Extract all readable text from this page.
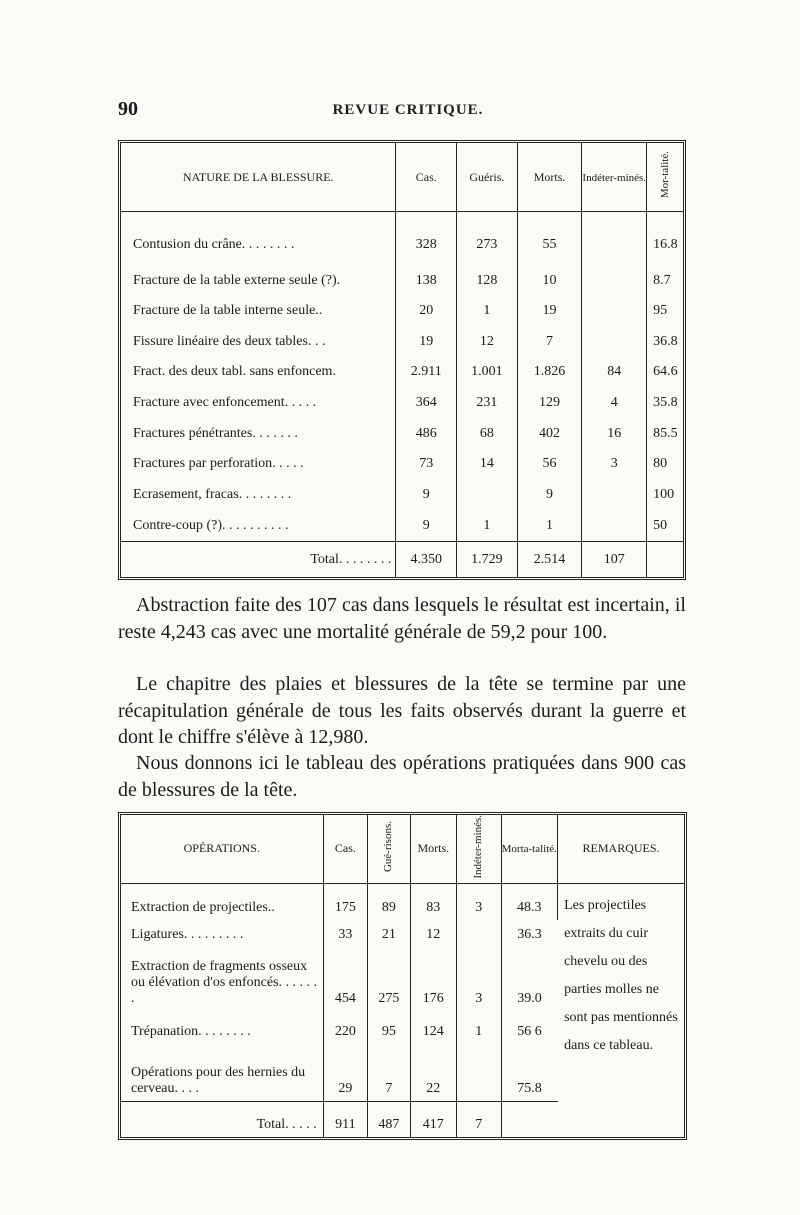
90	REVUE CRITIQUE.
NATURE DE LA BLESSURE.	Cas.	Guéris.	Morts.	Indéter-minés.	Mor-talité.
Contusion du crâne. . . . . . . .	328	273	55		16.8
Fracture de la table externe seule (?).	138	128	10		8.7
Fracture de la table interne seule..	20	1	19		95
Fissure linéaire des deux tables. . .	19	12	7		36.8
Fract. des deux tabl. sans enfoncem.	2.911	1.001	1.826	84	64.6
Fracture avec enfoncement. . . . .	364	231	129	4	35.8
Fractures pénétrantes. . . . . . .	486	68	402	16	85.5
Fractures par perforation. . . . .	73	14	56	3	80
Ecrasement, fracas. . . . . . . .	9		9		100
Contre-coup (?). . . . . . . . . .	9	1	1		50
Total. . . . . . . .	4.350	1.729	2.514	107	
Abstraction faite des 107 cas dans lesquels le résultat est incertain, il reste 4,243 cas avec une mortalité générale de 59,2 pour 100.
Le chapitre des plaies et blessures de la tête se termine par une récapitulation générale de tous les faits observés durant la guerre et dont le chiffre s'élève à 12,980.
Nous donnons ici le tableau des opérations pratiquées dans 900 cas de blessures de la tête.
OPÉRATIONS.	Cas.	Gué-risons.	Morts.	Indéter-minés.	Morta-talité.	REMARQUES.
Extraction de projectiles..	175	89	83	3	48.3	Les projectiles extraits du cuir chevelu ou des parties molles ne sont pas mentionnés dans ce tableau.
Ligatures. . . . . . . . .	33	21	12		36.3	
Extraction de fragments osseux ou élévation d'os enfoncés. . . . . . .	454	275	176	3	39.0	
Trépanation. . . . . . . .	220	95	124	1	56 6	
Opérations pour des hernies du cerveau. . . .	29	7	22		75.8	
Total. . . . .	911	487	417	7		
